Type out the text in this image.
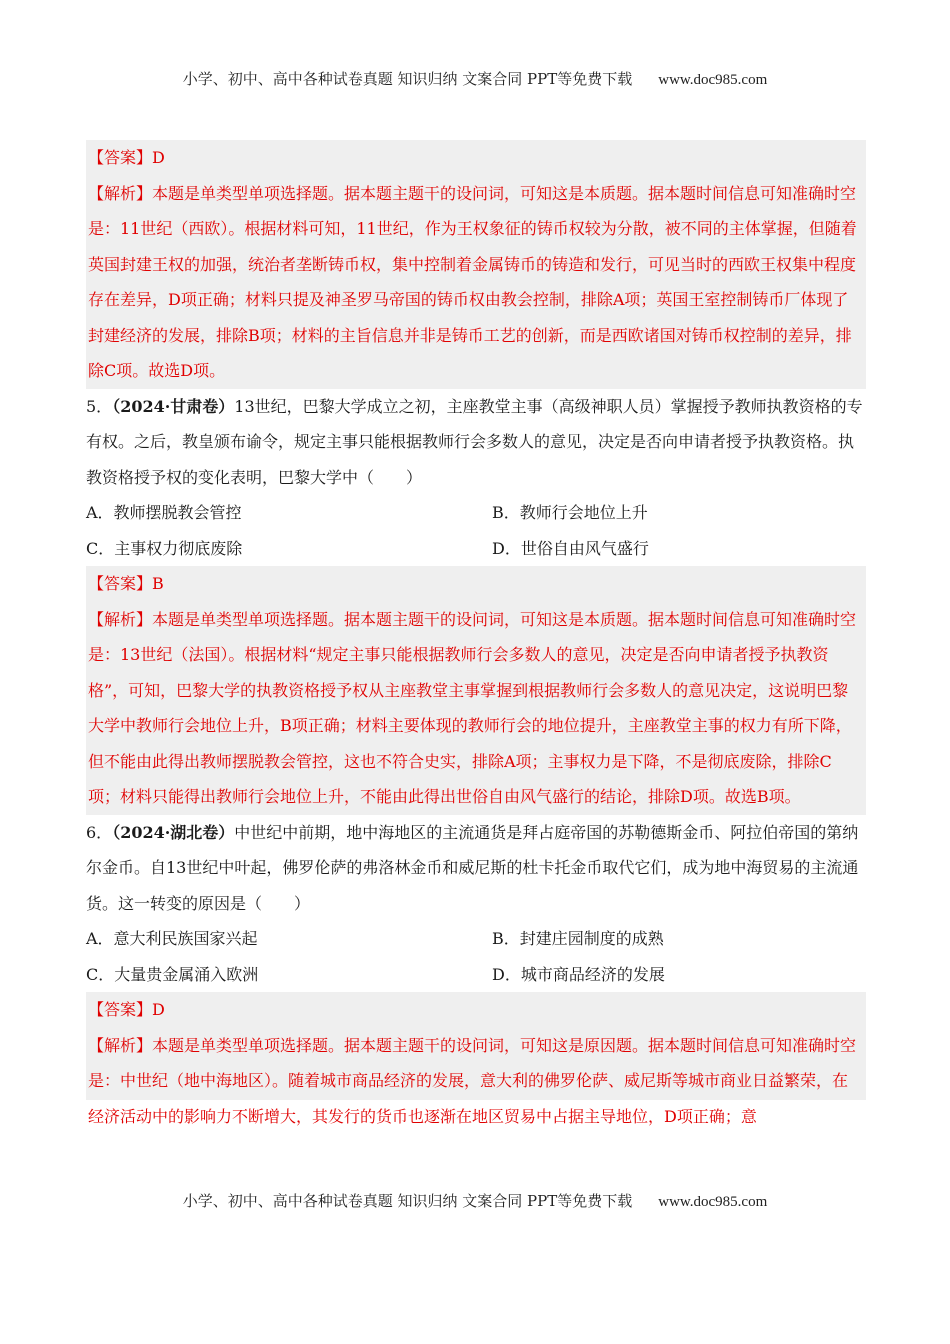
小学、初中、高中各种试卷真题 知识归纳 文案合同 PPT等免费下载 www.doc985.com

【答案】D

【解析】本题是单类型单项选择题。据本题主题干的设问词，可知这是本质题。据本题时间信息可知准确时空是：11世纪（西欧）。根据材料可知，11世纪，作为王权象征的铸币权较为分散，被不同的主体掌握，但随着英国封建王权的加强，统治者垄断铸币权，集中控制着金属铸币的铸造和发行，可见当时的西欧王权集中程度存在差异，D项正确；材料只提及神圣罗马帝国的铸币权由教会控制，排除A项；英国王室控制铸币厂体现了封建经济的发展，排除B项；材料的主旨信息并非是铸币工艺的创新，而是西欧诸国对铸币权控制的差异，排除C项。故选D项。

5．（2024·甘肃卷）13世纪，巴黎大学成立之初，主座教堂主事（高级神职人员）掌握授予教师执教资格的专有权。之后，教皇颁布谕令，规定主事只能根据教师行会多数人的意见，决定是否向申请者授予执教资格。执教资格授予权的变化表明，巴黎大学中（　　）

A．教师摆脱教会管控	B．教师行会地位上升
C．主事权力彻底废除	D．世俗自由风气盛行

【答案】B

【解析】本题是单类型单项选择题。据本题主题干的设问词，可知这是本质题。据本题时间信息可知准确时空是：13世纪（法国）。根据材料“规定主事只能根据教师行会多数人的意见，决定是否向申请者授予执教资格”，可知，巴黎大学的执教资格授予权从主座教堂主事掌握到根据教师行会多数人的意见决定，这说明巴黎大学中教师行会地位上升，B项正确；材料主要体现的教师行会的地位提升，主座教堂主事的权力有所下降，但不能由此得出教师摆脱教会管控，这也不符合史实，排除A项；主事权力是下降，不是彻底废除，排除C项；材料只能得出教师行会地位上升，不能由此得出世俗自由风气盛行的结论，排除D项。故选B项。

6．（2024·湖北卷）中世纪中前期，地中海地区的主流通货是拜占庭帝国的苏勒德斯金币、阿拉伯帝国的第纳尔金币。自13世纪中叶起，佛罗伦萨的弗洛林金币和威尼斯的杜卡托金币取代它们，成为地中海贸易的主流通货。这一转变的原因是（　　）

A．意大利民族国家兴起	B．封建庄园制度的成熟
C．大量贵金属涌入欧洲	D．城市商品经济的发展

【答案】D

【解析】本题是单类型单项选择题。据本题主题干的设问词，可知这是原因题。据本题时间信息可知准确时空是：中世纪（地中海地区）。随着城市商品经济的发展，意大利的佛罗伦萨、威尼斯等城市商业日益繁荣，在经济活动中的影响力不断增大，其发行的货币也逐渐在地区贸易中占据主导地位，D项正确；意

小学、初中、高中各种试卷真题 知识归纳 文案合同 PPT等免费下载 www.doc985.com
